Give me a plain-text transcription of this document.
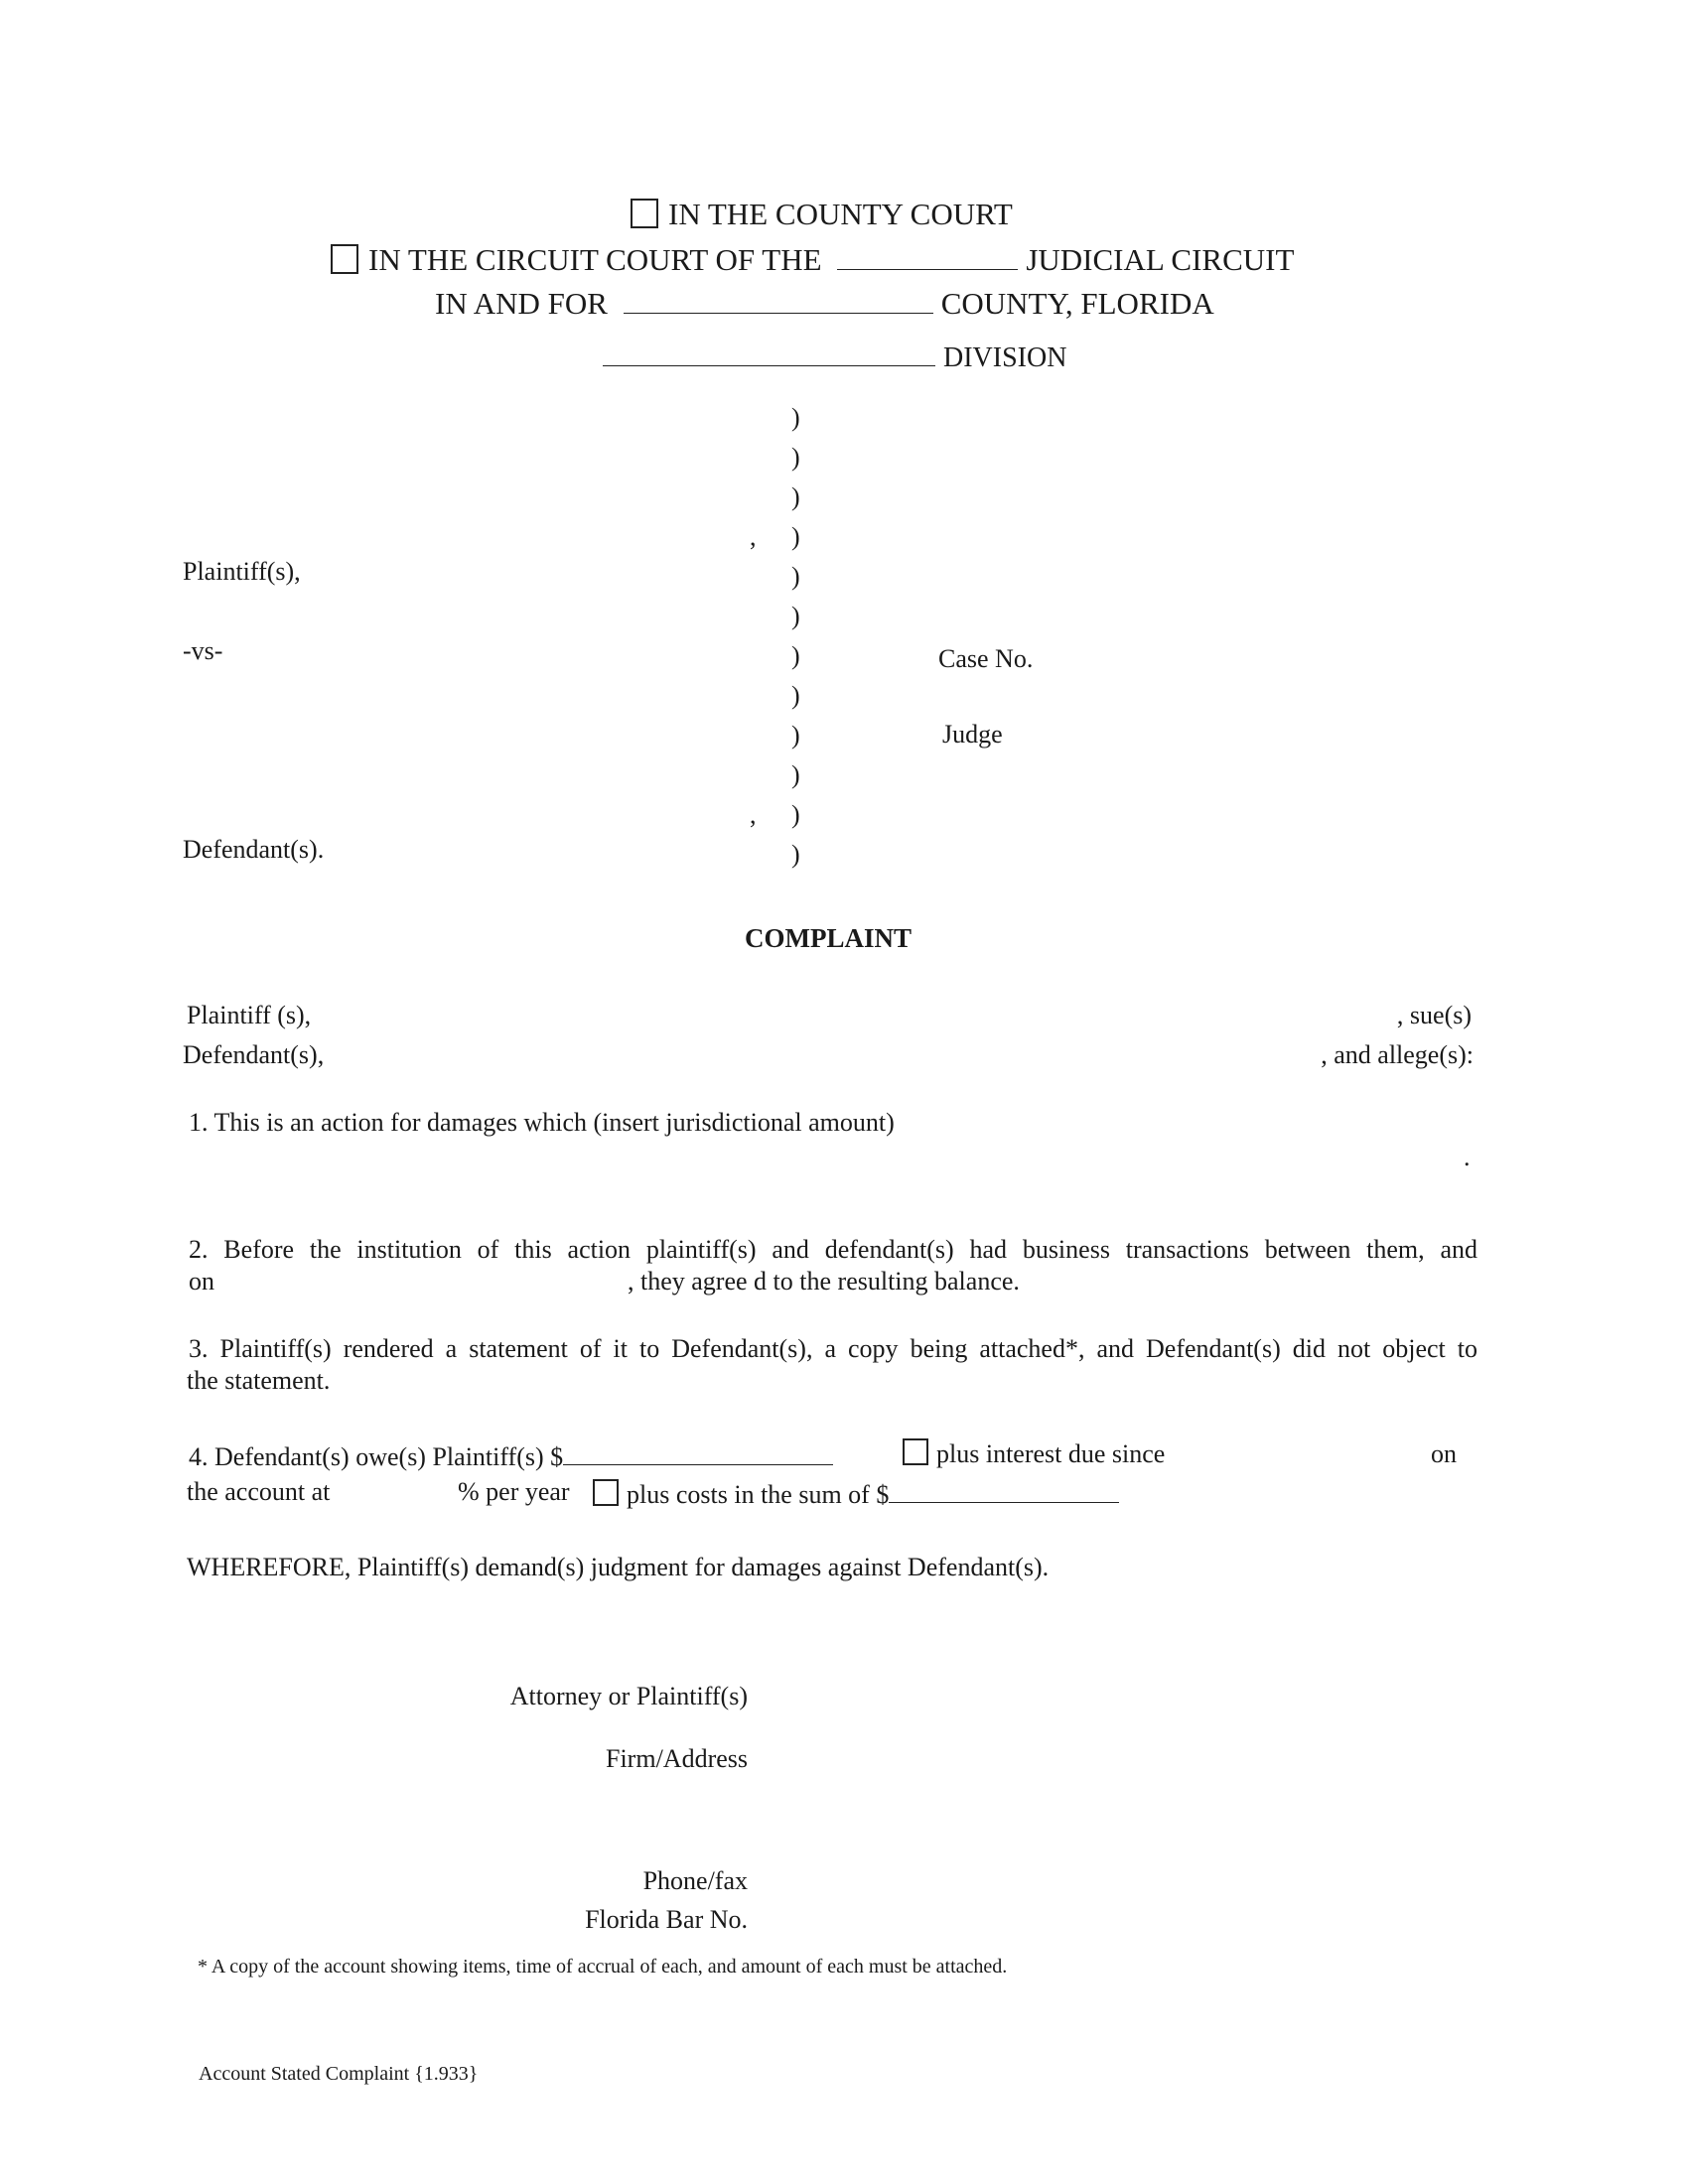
IN THE COUNTY COURT
IN THE CIRCUIT COURT OF THE	JUDICIAL CIRCUIT
IN AND FOR	COUNTY, FLORIDA
DIVISION
)
)
)
)
)
)
)
)
)
)
)
)
,
Plaintiff(s),
-vs-
,
Defendant(s).
Case No.
Judge
COMPLAINT
Plaintiff (s),	, sue(s)
Defendant(s),	, and allege(s):
1. This is an action for damages which (insert jurisdictional amount)
.
2. Before the institution of this action plaintiff(s) and defendant(s) had business transactions between them, and
on	, they agree d to the resulting balance.
3. Plaintiff(s) rendered a statement of it to Defendant(s), a copy being attached*, and Defendant(s) did not object to
the statement.
4. Defendant(s) owe(s) Plaintiff(s) $	plus interest due since	on
the account at	% per year	plus costs in the sum of $
WHEREFORE, Plaintiff(s) demand(s) judgment for damages against Defendant(s).
Attorney or Plaintiff(s)
Firm/Address
Phone/fax
Florida Bar No.
* A copy of the account showing items, time of accrual of each, and amount of each must be attached.
Account Stated Complaint {1.933}
